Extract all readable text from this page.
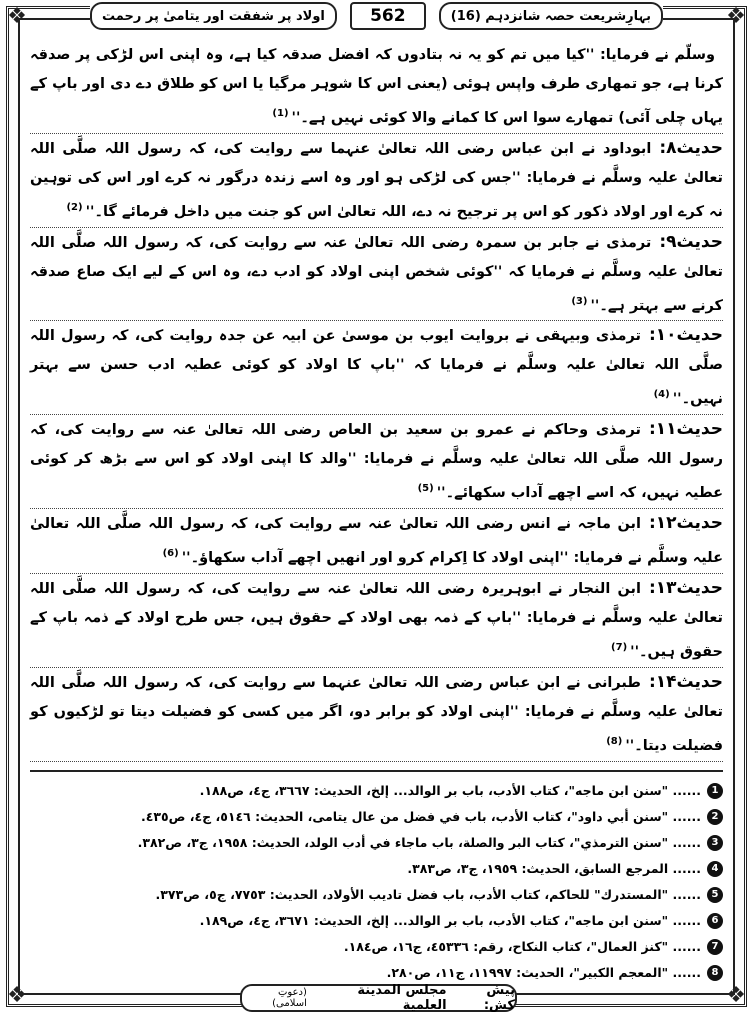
❖	❖
❖	❖
بہارِشریعت حصہ شانزدہم (16)
562
اولاد پر شفقت اور یتامیٰ پر رحمت

وسلّم نے فرمایا: ''کیا میں تم کو یہ نہ بتادوں کہ افضل صدقہ کیا ہے، وہ اپنی اس لڑکی پر صدقہ کرنا ہے، جو تمھاری طرف واپس ہوئی (یعنی اس کا شوہر مرگیا یا اس کو طلاق دے دی اور باپ کے یہاں چلی آئی) تمھارے سوا اس کا کمانے والا کوئی نہیں ہے۔''$^{(1)}$

حدیث۸:ابوداود نے ابن عباس رضی اللہ تعالیٰ عنہما سے روایت کی، کہ رسول اللہ صلَّی اللہ تعالیٰ علیہ وسلَّم نے فرمایا: ''جس کی لڑکی ہو اور وہ اسے زندہ درگور نہ کرے اور اس کی توہین نہ کرے اور اولاد ذکور کو اس پر ترجیح نہ دے، اللہ تعالیٰ اس کو جنت میں داخل فرمائے گا۔''$^{(2)}$

حدیث۹:ترمذی نے جابر بن سمرہ رضی اللہ تعالیٰ عنہ سے روایت کی، کہ رسول اللہ صلَّی اللہ تعالیٰ علیہ وسلَّم نے فرمایا کہ ''کوئی شخص اپنی اولاد کو ادب دے، وہ اس کے لیے ایک صاع صدقہ کرنے سے بہتر ہے۔''$^{(3)}$

حدیث۱۰:ترمذی وبیہقی نے بروایت ایوب بن موسیٰ عن ابیہ عن جدہ روایت کی، کہ رسول اللہ صلَّی اللہ تعالیٰ علیہ وسلَّم نے فرمایا کہ ''باپ کا اولاد کو کوئی عطیہ ادب حسن سے بہتر نہیں۔''$^{(4)}$

حدیث۱۱:ترمذی وحاکم نے عمرو بن سعید بن العاص رضی اللہ تعالیٰ عنہ سے روایت کی، کہ رسول اللہ صلَّی اللہ تعالیٰ علیہ وسلَّم نے فرمایا: ''والد کا اپنی اولاد کو اس سے بڑھ کر کوئی عطیہ نہیں، کہ اسے اچھے آداب سکھائے۔''$^{(5)}$

حدیث۱۲:ابن ماجہ نے انس رضی اللہ تعالیٰ عنہ سے روایت کی، کہ رسول اللہ صلَّی اللہ تعالیٰ علیہ وسلَّم نے فرمایا: ''اپنی اولاد کا اِکرام کرو اور انھیں اچھے آداب سکھاؤ۔''$^{(6)}$

حدیث۱۳:ابن النجار نے ابوہریرہ رضی اللہ تعالیٰ عنہ سے روایت کی، کہ رسول اللہ صلَّی اللہ تعالیٰ علیہ وسلَّم نے فرمایا: ''باپ کے ذمہ بھی اولاد کے حقوق ہیں، جس طرح اولاد کے ذمہ باپ کے حقوق ہیں۔''$^{(7)}$

حدیث۱۴:طبرانی نے ابن عباس رضی اللہ تعالیٰ عنہما سے روایت کی، کہ رسول اللہ صلَّی اللہ تعالیٰ علیہ وسلَّم نے فرمایا: ''اپنی اولاد کو برابر دو، اگر میں کسی کو فضیلت دیتا تو لڑکیوں کو فضیلت دیتا۔''$^{(8)}$

1
...... "سنن ابن ماجه"، كتاب الأدب، باب بر الوالد... إلخ، الحديث: ٣٦٦٧، ج٤، ص١٨٨.
2
...... "سنن أبي داود"، كتاب الأدب، باب في فضل من عال يتامى، الحديث: ٥١٤٦، ج٤، ص٤٣٥.
3
...... "سنن الترمذي"، كتاب البر والصلة، باب ماجاء في أدب الولد، الحديث: ١٩٥٨، ج٣، ص٣٨٢.
4
...... المرجع السابق، الحديث: ١٩٥٩، ج٣، ص٣٨٣.
5
...... "المستدرك" للحاكم، كتاب الأدب، باب فضل تاديب الأولاد، الحديث: ٧٧٥٣، ج٥، ص٣٧٣.
6
...... "سنن ابن ماجه"، كتاب الأدب، باب بر الوالد... إلخ، الحديث: ٣٦٧١، ج٤، ص١٨٩.
7
...... "كنز العمال"، كتاب النكاح، رقم: ٤٥٣٣٦، ج١٦، ص١٨٤.
8
...... "المعجم الكبير"، الحديث: ١١٩٩٧، ج١١، ص٢٨٠.
پیش کش:
مجلس المدينة العلمية
(دعوتِ اسلامی)
